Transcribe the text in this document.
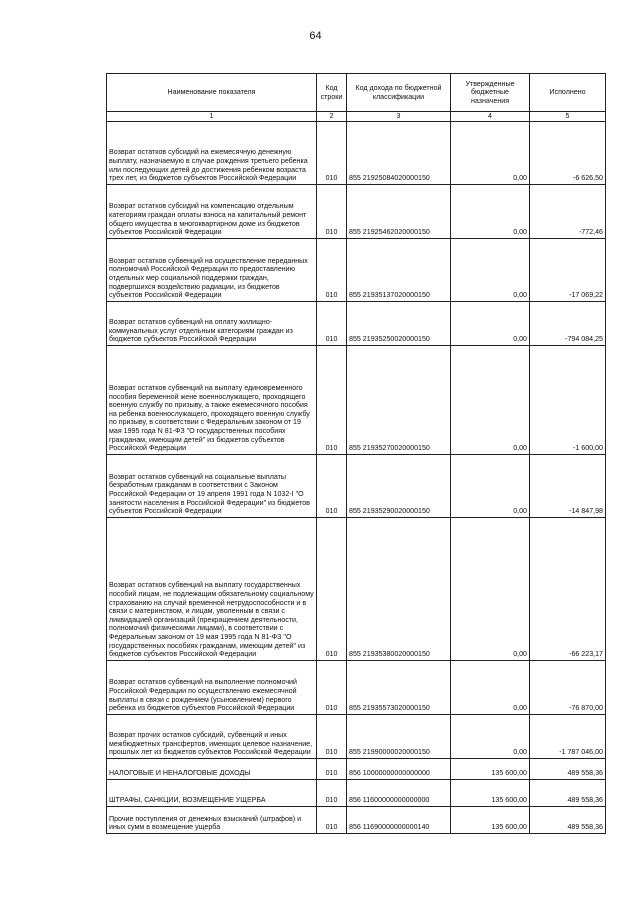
64
Наименование показателя	Код строки	Код дохода по бюджетной классификации	Утвержденные бюджетные назначения	Исполнено
1	2	3	4	5
Возврат остатков субсидий на ежемесячную денежную выплату, назначаемую в случае рождения третьего ребенка или последующих детей до достижения ребенком возраста трех лет, из бюджетов субъектов Российской Федерации	010	855 21925084020000150	0,00	-6 626,50
Возврат остатков субсидий на компенсацию отдельным категориям граждан оплаты взноса на капитальный ремонт общего имущества в многоквартирном доме из бюджетов субъектов Российской Федерации	010	855 21925462020000150	0,00	-772,46
Возврат остатков субвенций на осуществление переданных полномочий Российской Федерации по предоставлению отдельных мер социальной поддержки граждан, подвергшихся воздействию радиации, из бюджетов субъектов Российской Федерации	010	855 21935137020000150	0,00	-17 069,22
Возврат остатков субвенций на оплату жилищно-коммунальных услуг отдельным категориям граждан из бюджетов субъектов Российской Федерации	010	855 21935250020000150	0,00	-794 084,25
Возврат остатков субвенций на выплату единовременного пособия беременной жене военнослужащего, проходящего военную службу по призыву, а также ежемесячного пособия на ребенка военнослужащего, проходящего военную службу по призыву, в соответствии с Федеральным законом от 19 мая 1995 года N 81-ФЗ "О государственных пособиях гражданам, имеющим детей" из бюджетов субъектов Российской Федерации	010	855 21935270020000150	0,00	-1 600,00
Возврат остатков субвенций на социальные выплаты безработным гражданам в соответствии с Законом Российской Федерации от 19 апреля 1991 года N 1032-I "О занятости населения в Российской Федерации" из бюджетов субъектов Российской Федерации	010	855 21935290020000150	0,00	-14 847,98
Возврат остатков субвенций на выплату государственных пособий лицам, не подлежащим обязательному социальному страхованию на случай временной нетрудоспособности и в связи с материнством, и лицам, уволенным в связи с ликвидацией организаций (прекращением деятельности, полномочий физическими лицами), в соответствии с Федеральным законом от 19 мая 1995 года N 81-ФЗ "О государственных пособиях гражданам, имеющим детей" из бюджетов субъектов Российской Федерации	010	855 21935380020000150	0,00	-66 223,17
Возврат остатков субвенций на выполнение полномочий Российской Федерации по осуществлению ежемесячной выплаты в связи с рождением (усыновлением) первого ребенка из бюджетов субъектов Российской Федерации	010	855 21935573020000150	0,00	-76 870,00
Возврат прочих остатков субсидий, субвенций и иных межбюджетных трансфертов, имеющих целевое назначение, прошлых лет из бюджетов субъектов Российской Федерации	010	855 21990000020000150	0,00	-1 787 046,00
НАЛОГОВЫЕ И НЕНАЛОГОВЫЕ ДОХОДЫ	010	856 10000000000000000	135 600,00	489 558,36
ШТРАФЫ, САНКЦИИ, ВОЗМЕЩЕНИЕ УЩЕРБА	010	856 11600000000000000	135 600,00	489 558,36
Прочие поступления от денежных взысканий (штрафов) и иных сумм в возмещение ущерба	010	856 11690000000000140	135 600,00	489 558,36
